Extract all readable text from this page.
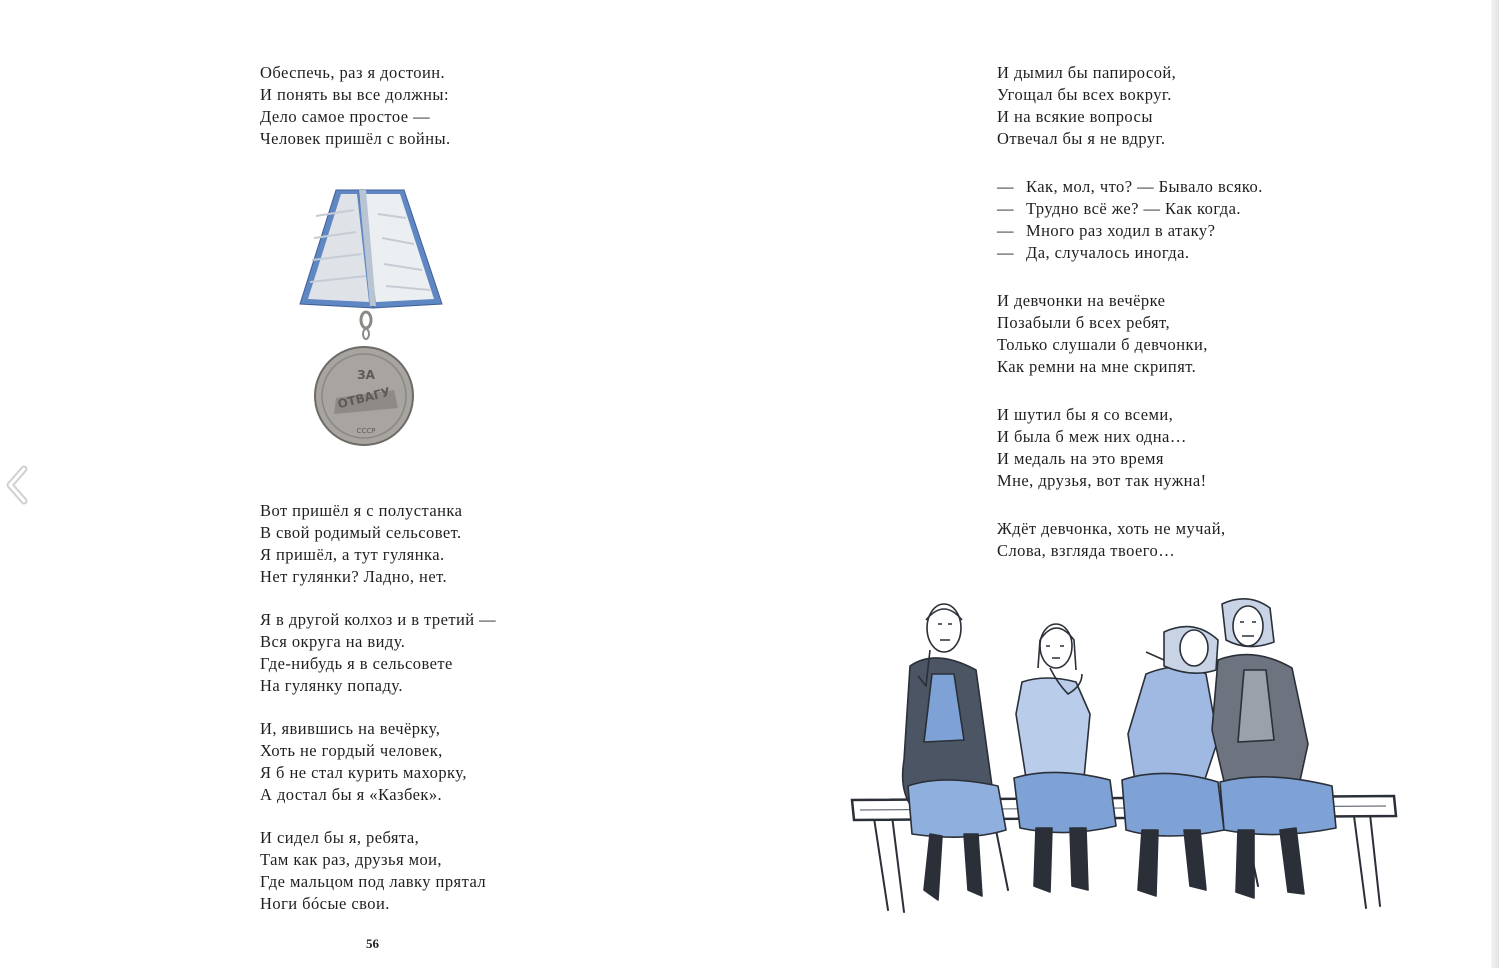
Обеспечь, раз я достоин.
И понять вы все должны:
Дело самое простое —
Человек пришёл с войны.
ЗА
ОТВАГУ
СССР
Вот пришёл я с полустанка
В свой родимый сельсовет.
Я пришёл, а тут гулянка.
Нет гулянки? Ладно, нет.
Я в другой колхоз и в третий —
Вся округа на виду.
Где-нибудь я в сельсовете
На гулянку попаду.
И, явившись на вечёрку,
Хоть не гордый человек,
Я б не стал курить махорку,
А достал бы я «Казбек».
И сидел бы я, ребята,
Там как раз, друзья мои,
Где мальцом под лавку прятал
Ноги бóсые свои.
56
И дымил бы папиросой,
Угощал бы всех вокруг.
И на всякие вопросы
Отвечал бы я не вдруг.
— Как, мол, что? — Бывало всяко.
— Трудно всё же? — Как когда.
— Много раз ходил в атаку?
— Да, случалось иногда.
И девчонки на вечёрке
Позабыли б всех ребят,
Только слушали б девчонки,
Как ремни на мне скрипят.
И шутил бы я со всеми,
И была б меж них одна…
И медаль на это время
Мне, друзья, вот так нужна!
Ждёт девчонка, хоть не мучай,
Слова, взгляда твоего…
